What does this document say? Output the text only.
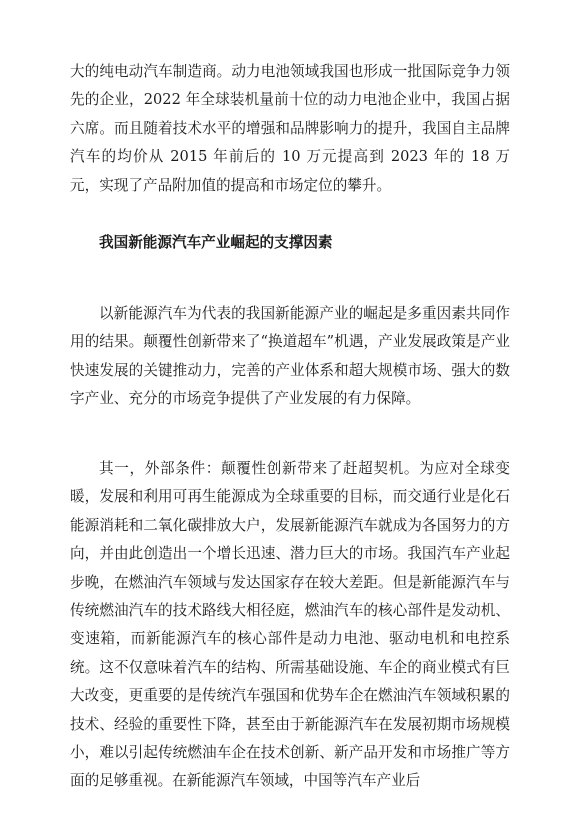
大的纯电动汽车制造商。动力电池领域我国也形成一批国际竞争力领先的企业，2022 年全球装机量前十位的动力电池企业中，我国占据六席。而且随着技术水平的增强和品牌影响力的提升，我国自主品牌汽车的均价从 2015 年前后的 10 万元提高到 2023 年的 18 万元，实现了产品附加值的提高和市场定位的攀升。

我国新能源汽车产业崛起的支撑因素

以新能源汽车为代表的我国新能源产业的崛起是多重因素共同作用的结果。颠覆性创新带来了“换道超车”机遇，产业发展政策是产业快速发展的关键推动力，完善的产业体系和超大规模市场、强大的数字产业、充分的市场竞争提供了产业发展的有力保障。

其一，外部条件：颠覆性创新带来了赶超契机。为应对全球变暖，发展和利用可再生能源成为全球重要的目标，而交通行业是化石能源消耗和二氧化碳排放大户，发展新能源汽车就成为各国努力的方向，并由此创造出一个增长迅速、潜力巨大的市场。我国汽车产业起步晚，在燃油汽车领域与发达国家存在较大差距。但是新能源汽车与传统燃油汽车的技术路线大相径庭，燃油汽车的核心部件是发动机、变速箱，而新能源汽车的核心部件是动力电池、驱动电机和电控系统。这不仅意味着汽车的结构、所需基础设施、车企的商业模式有巨大改变，更重要的是传统汽车强国和优势车企在燃油汽车领域积累的技术、经验的重要性下降，甚至由于新能源汽车在发展初期市场规模小，难以引起传统燃油车企在技术创新、新产品开发和市场推广等方面的足够重视。在新能源汽车领域，中国等汽车产业后
